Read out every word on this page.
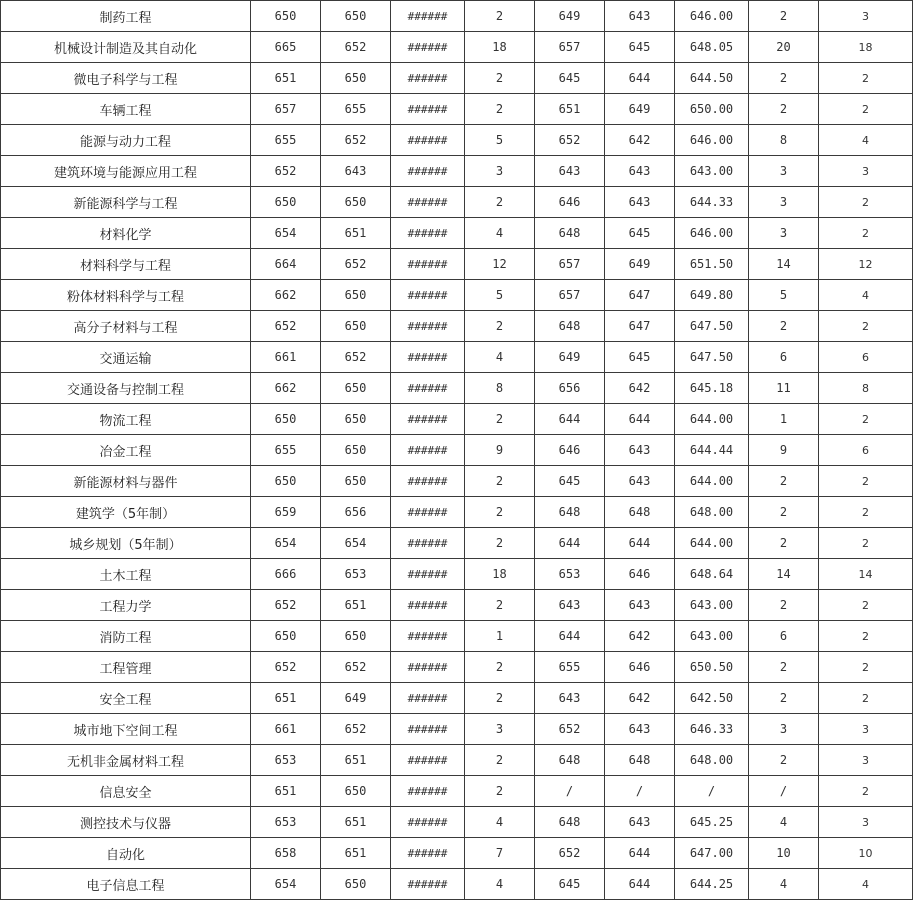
制药工程	650	650	######	2	649	643	646.00	2	3
机械设计制造及其自动化	665	652	######	18	657	645	648.05	20	18
微电子科学与工程	651	650	######	2	645	644	644.50	2	2
车辆工程	657	655	######	2	651	649	650.00	2	2
能源与动力工程	655	652	######	5	652	642	646.00	8	4
建筑环境与能源应用工程	652	643	######	3	643	643	643.00	3	3
新能源科学与工程	650	650	######	2	646	643	644.33	3	2
材料化学	654	651	######	4	648	645	646.00	3	2
材料科学与工程	664	652	######	12	657	649	651.50	14	12
粉体材料科学与工程	662	650	######	5	657	647	649.80	5	4
高分子材料与工程	652	650	######	2	648	647	647.50	2	2
交通运输	661	652	######	4	649	645	647.50	6	6
交通设备与控制工程	662	650	######	8	656	642	645.18	11	8
物流工程	650	650	######	2	644	644	644.00	1	2
冶金工程	655	650	######	9	646	643	644.44	9	6
新能源材料与器件	650	650	######	2	645	643	644.00	2	2
建筑学（5年制）	659	656	######	2	648	648	648.00	2	2
城乡规划（5年制）	654	654	######	2	644	644	644.00	2	2
土木工程	666	653	######	18	653	646	648.64	14	14
工程力学	652	651	######	2	643	643	643.00	2	2
消防工程	650	650	######	1	644	642	643.00	6	2
工程管理	652	652	######	2	655	646	650.50	2	2
安全工程	651	649	######	2	643	642	642.50	2	2
城市地下空间工程	661	652	######	3	652	643	646.33	3	3
无机非金属材料工程	653	651	######	2	648	648	648.00	2	3
信息安全	651	650	######	2	/	/	/	/	2
测控技术与仪器	653	651	######	4	648	643	645.25	4	3
自动化	658	651	######	7	652	644	647.00	10	10
电子信息工程	654	650	######	4	645	644	644.25	4	4
